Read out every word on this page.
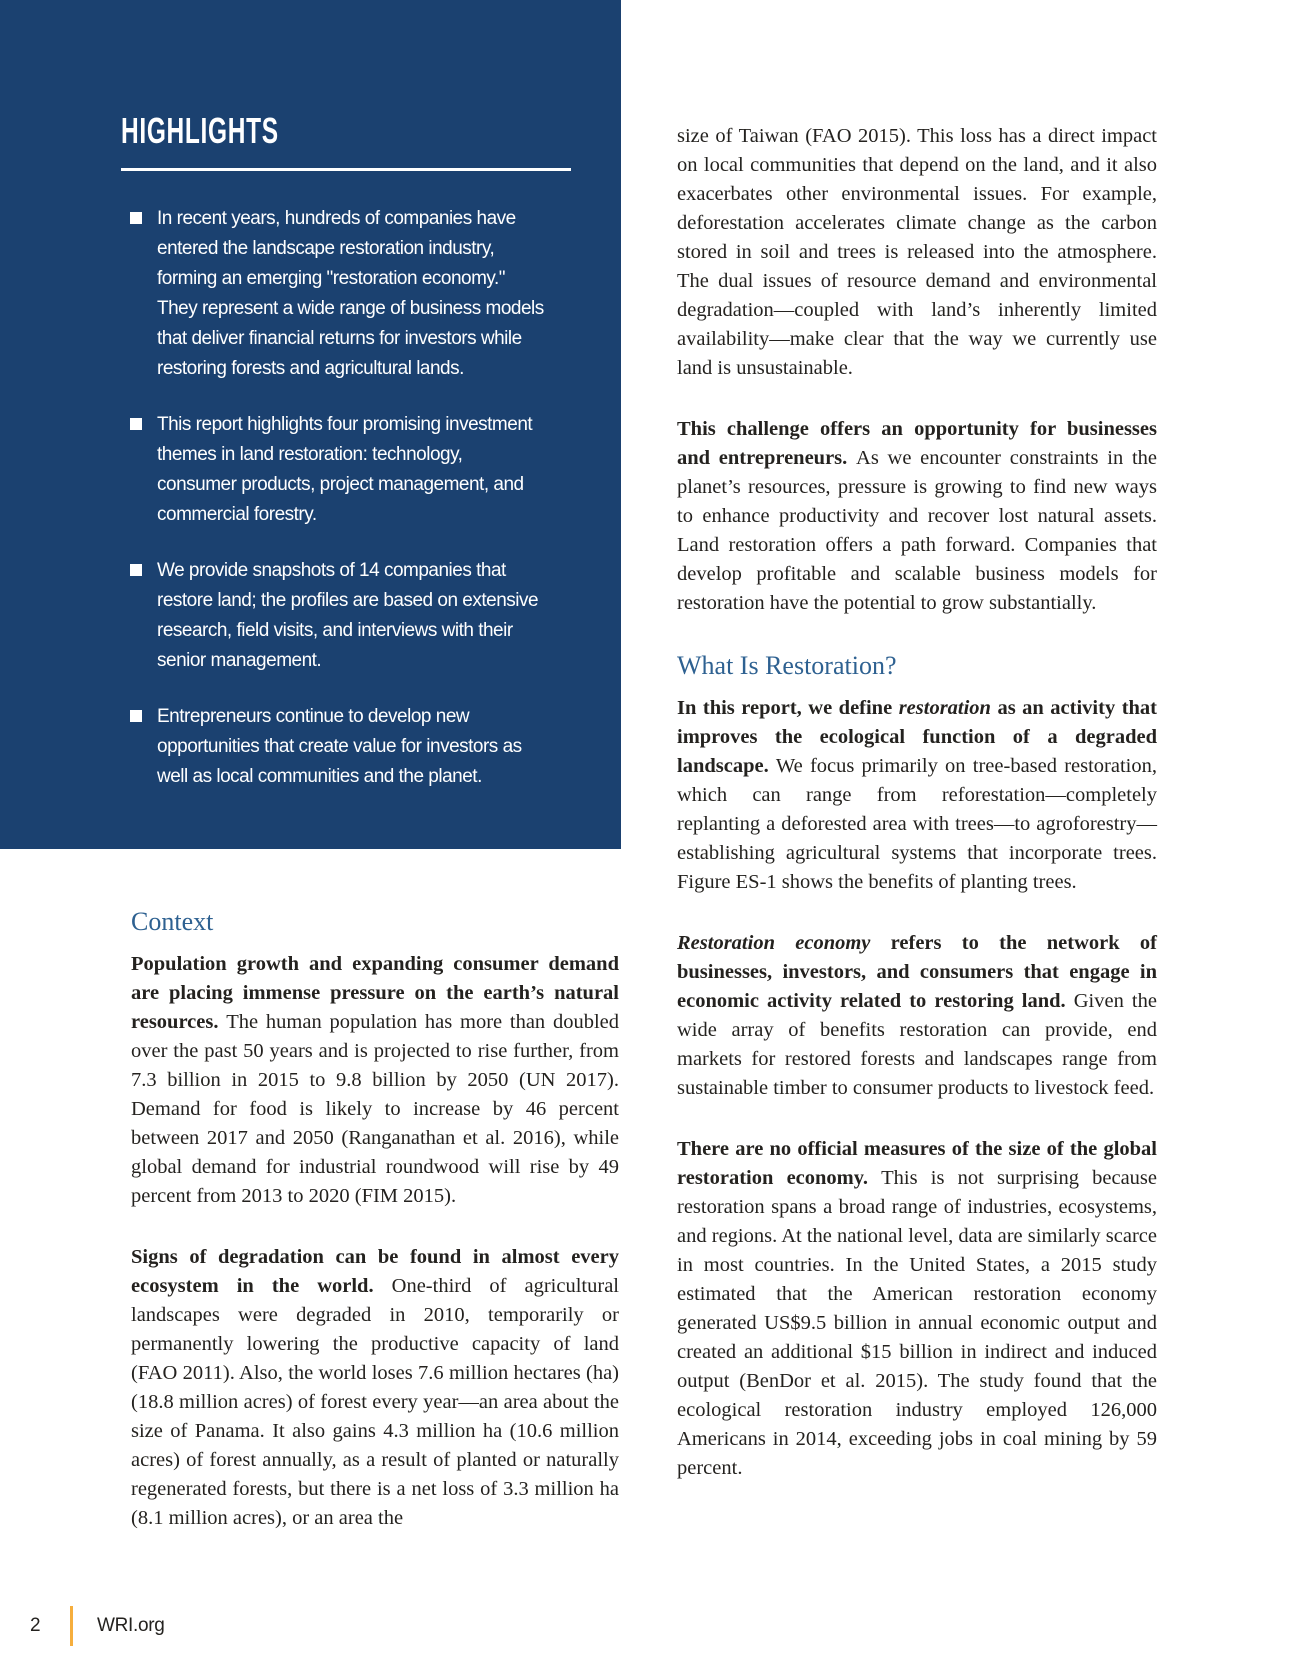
HIGHLIGHTS
In recent years, hundreds of companies have entered the landscape restoration industry, forming an emerging "restoration economy." They represent a wide range of business models that deliver financial returns for investors while restoring forests and agricultural lands.
This report highlights four promising investment themes in land restoration: technology, consumer products, project management, and commercial forestry.
We provide snapshots of 14 companies that restore land; the profiles are based on extensive research, field visits, and interviews with their senior management.
Entrepreneurs continue to develop new opportunities that create value for investors as well as local communities and the planet.
Context

Population growth and expanding consumer demand are placing immense pressure on the earth’s natural resources. The human population has more than doubled over the past 50 years and is projected to rise further, from 7.3 billion in 2015 to 9.8 billion by 2050 (UN 2017). Demand for food is likely to increase by 46 percent between 2017 and 2050 (Ranganathan et al. 2016), while global demand for industrial roundwood will rise by 49 percent from 2013 to 2020 (FIM 2015).

Signs of degradation can be found in almost every ecosystem in the world. One-third of agricultural landscapes were degraded in 2010, temporarily or permanently lowering the productive capacity of land (FAO 2011). Also, the world loses 7.6 million hectares (ha) (18.8 million acres) of forest every year—an area about the size of Panama. It also gains 4.3 million ha (10.6 million acres) of forest annually, as a result of planted or naturally regenerated forests, but there is a net loss of 3.3 million ha (8.1 million acres), or an area the

size of Taiwan (FAO 2015). This loss has a direct impact on local communities that depend on the land, and it also exacerbates other environmental issues. For example, deforestation accelerates climate change as the carbon stored in soil and trees is released into the atmosphere. The dual issues of resource demand and environmental degradation—coupled with land’s inherently limited availability—make clear that the way we currently use land is unsustainable.

This challenge offers an opportunity for businesses and entrepreneurs. As we encounter constraints in the planet’s resources, pressure is growing to find new ways to enhance productivity and recover lost natural assets. Land restoration offers a path forward. Companies that develop profitable and scalable business models for restoration have the potential to grow substantially.

What Is Restoration?

In this report, we define restoration as an activity that improves the ecological function of a degraded landscape. We focus primarily on tree-based restoration, which can range from reforestation—completely replanting a deforested area with trees—to agroforestry—establishing agricultural systems that incorporate trees. Figure ES-1 shows the benefits of planting trees.

Restoration economy refers to the network of businesses, investors, and consumers that engage in economic activity related to restoring land. Given the wide array of benefits restoration can provide, end markets for restored forests and landscapes range from sustainable timber to consumer products to livestock feed.

There are no official measures of the size of the global restoration economy. This is not surprising because restoration spans a broad range of industries, ecosystems, and regions. At the national level, data are similarly scarce in most countries. In the United States, a 2015 study estimated that the American restoration economy generated US$9.5 billion in annual economic output and created an additional $15 billion in indirect and induced output (BenDor et al. 2015). The study found that the ecological restoration industry employed 126,000 Americans in 2014, exceeding jobs in coal mining by 59 percent.

2	WRI.org
